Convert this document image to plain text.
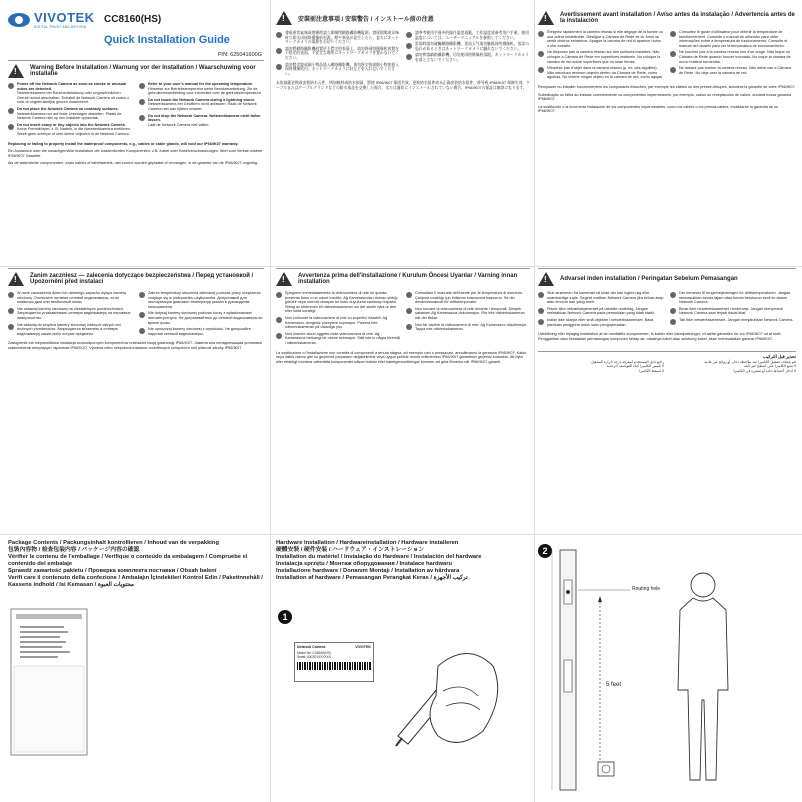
VIVOTEK
DIGITAL TRUST AND BEYOND
CC8160(HS)
Quick Installation Guide
P/N: 625041600G
!
Warning Before Installation / Warnung vor der Installation / Waarschuwing voor installatie
Power off the Network Camera as soon as smoke or unusual odors are detected.
Netzwerkkamera bei Rauchentwicklung oder ungewöhnlichen Geruch sofort abschalten. Schakel de Network Camera uit zodra u rook of ongebruikelijke geuren waarneemt.
Do not place the Network Camera on unsteady surfaces.
Netzwerkkamera nur auf feste Unterlagen abstellen. Plaats de Network Camera niet op een instabiel oppervlak.
Do not insert sharp or tiny objects into the Network Camera.
Keine Fremdkörper, z. B. Nadeln, in die Netzwerkkamera einführen. Steek geen scherpe of zeer kleine objecten in de Network Camera.
Refer to your user's manual for the operating temperature.
Hinweise zur Betriebstemperatur siehe Benutzeranleitung. Zie de gebruikershandleiding voor informatie over de gebruikstemperatuur.
Do not touch the Network Camera during a lightning storm.
Netzwerkkamera bei Gewittern nicht anfassen. Raak de Network Camera niet aan tijdens onweer.
Do not drop the Network Camera. Netzwerkkamera nicht fallen lassen.
Laat de Network Camera niet vallen.
Replacing or failing to properly install the waterproof components, e.g., cables or cable glands, will void our IP66/IK07 warranty.
Ein Austausch oder die unsachgemäße Installation der wasserdichten Komponenten, z.B. Kabel oder Kabelverschraubungen, führt zum Verlust unserer IP66/IK07 Garantie.
Als de waterdichte componenten, zoals kabels of kabelwartels, niet correct worden geplaatst of vervangen, is de garantie van de IP66/IK07 ongeldig.
!
安裝前注意事項 / 安装警告 / インストール前の注意
發現異常氣味或煙霧時請立即關閉網路攝影機電源。發现烟雾或异味时立即关闭网络摄像机电源。煙や異臭が発生したら、直ちにネットワークカメラの電源をお切りください。
請勿將網路攝影機放置於不穩定的表面上。请勿将网络摄像机放置在不稳定的表面。不安定な場所にネットワークカメラを置かないでください。
請勿將尖銳或細小物品插入網路攝影機。请勿将尖锐或细小物体插入网络摄像机内。ネットワークカメラに針などを入れないでください。
請參考使用手冊中的操作溫度規範。工作温度请参考用户手册。使用温度については、ユーザーマニュアルを参照してください。
雷雨時請勿碰觸網路攝影機。雷雨天气请勿触摸网络摄像机。落雷の恐れがあるときはネットワークカメラに触れないでください。
請勿摔落網路攝影機。切勿使网络摄像机落地。ネットワークカメラを落とさないでください。
未依規範更換或安裝防水元件，例如線材或防水接頭，將使 IP66/IK07 保固失效。更换防水组件或未正确安装防水组件，将导致 IP66/IK07 保修失效。ケーブルまたはケーブルグランドなどの防水部品を交換した場合、または適切にインストールされていない場合、IP66/IK07の保証は無効になります。
!
Avertissement avant installation / Aviso antes da instalação / Advertencia antes de la instalación
Éteignez rapidement la caméra réseau si elle dégage de la fumée ou une odeur inhabituelle. Desligue a Câmara de Rede se vir fumo ou sentir cheiros estranhos. Apague la cámara de red si aparece humo u olor extraño.
Ne disposez pas la caméra réseau sur des surfaces instables. Não coloque a Câmara de Rede em superfícies instáveis. No coloque la cámara de red sobre superficies que no sean firmes.
N'insérez pas d'objet dans la caméra réseau (p. ex. des aiguilles). Não introduza nenhum objecto dentro da Câmara de Rede, como agulhas. No inserte ningún objeto en la cámara de red, como agujas.
Consultez le guide d'utilisateur pour obtenir la température de fonctionnement. Consulte o manual do utilizador para obter informações sobre a temperatura de funcionamento. Consulte el manual del usuario para ver la temperatura de funcionamiento.
Ne touchez pas à la caméra réseau lors d'un orage. Não toque na Câmara de Rede quando houver trovoada. No toque la cámara de red si hubiera tormentas.
Ne laissez pas tomber la caméra réseau. Não deixe cair a Câmara de Rede. No deje caer la cámara de red.
Remplacer ou installer incorrectement les composants étanches, par exemple les câbles ou des presse-étoupes, annulera la garantie de votre IP66/IK07.
Substituição ou falha ao instalar correctamente os componentes impermeáveis, por exemplo, cabos ou receptáculos de cabos, anulará nossa garantia IP66/IK07.
La sustitución o la incorrecta instalación de los componentes impermeables, como los cables o los prensa-cables, invalidarán la garantía de su IP66/IK07.
!
Zanim zaczniesz — zalecenia dotyczące bezpieczeństwa / Перед установкой / Upozornění před instalací
W razie zauważenia dymu lub dziwnego zapachu wyłącz kamerę sieciową. Отключите питание сетевой видеокамеры, если появился дым или необычный запах.
Nie ustawiaj kamery sieciowej na niestabilnych powierzchniach. Запрещается устанавливать сетевую видеокамеру на неровных поверхностях.
Nie wkładaj do wnętrza kamery sieciowej żadnych ostrych ani drobnych przedmiotów. Запрещается вставлять в сетевую видеокамеру какие-либо острые предметы.
Zakres temperatury otoczenia zalecanej podczas pracy urządzenia znajduje się w podręczniku użytkownika. Допустимый для эксплуатации диапазон температур указан в руководстве пользователя.
Nie dotykaj kamery sieciowej podczas burzy z wyładowaniami atmosferycznymi. Не дотрагивайтесь до сетевой видеокамеры во время грозы.
Nie upuszczaj kamery sieciowej z wysokości. Не допускайте падения сетевой видеокамеры.
Zastąpienie lub nieprawidłowa instalacja wodoodpornych komponentów unieważni twoją gwarancję IP66/IK07. Замена или ненадлежащая установка компонентов аннулирует гарантию IP66/IK07. Výměna nebo nesprávná instalace vodotěsných komponent ruší platnost záruky IP66/IK07.
!
Avvertenza prima dell'installazione / Kurulum Öncesi Uyarılar / Varning innan installation
Spegnere immediatamente la videocamera di rete se questa presenta fumo o un odore insolito. Ağ Kamerasından duman çıktığı görülür veya normal olmayan bir koku duyulursa kamerayı kapatın. Stäng av strömmen till nätverkskameran om det skulle ryka ur den eller lukta konstigt.
Non collocare la videocamera di rete su superfici instabili. Ağ Kamerasını dengesiz yüzeylere koymayın. Placera inte nätverkskameran på ostadiga ytor.
Non inserire alcun oggetto nella videocamera di rete. Ağ Kamerasına herhangi bir nesne sokmayın. Sätt inte in några föremål i nätverkskameran.
Consultare il manuale dell'utente per la temperatura di esercizio. Çalışma sıcaklığı için kullanım kılavuzuna başvurun. Se din användarmanual för driftstemperatur.
Non toccare la videocamera di rete durante i temporali. Şimşek çakarken Ağ Kamerasına dokunmayın. Rör inte nätverkskameran när det åskar.
Non far cadere la videocamera di rete. Ağ Kamerasını düşürmeyin. Tappa inte nätverkskameran.
La sostituzione o l'installazione non corretta di componenti a tenuta stagna, ad esempio cavi o pressacavi, annulleranno la garanzia IP66/IK07. Kablo veya kablo rakoru gibi su geçirmez parçaların değiştirilmesi veya uygun şekilde monte edilmemesi IP66/IK07 garantinizi geçersiz kılacaktır. Att byta eller felaktigt montera vattentäta komponenter såsom kablar eller kabelgenomföringar kommer att göra förverka vår IP66/IK07-garanti.
!
Advarsel inden installation / Peringatan Sebelum Pemasangan
Sluk strømmen fra kameraet så snart der kan lugtes røg eller usædvanlige lugte. Segera matikan Network Camera jika keluar asap atau tercium bau yang aneh.
Placér ikke netværkskameraet på ustabile underlag. Jangan meletakkan Network Camera pada permukaan yang tidak stabil.
Indfør ikke skarpe eller små objekter i netværkskameraet. Baca panduan pengguna untuk suhu pengoperasian.
Der henvises til brugervejledningen for driftstemperaturen. Jangan memasukkan benda tajam atau benda berukuran kecil ke dalam Network Camera.
Berør ikke netværkskameraet i tordenvejr. Jangan menyentuh Network Camera saat terjadi badai kilat.
Tab ikke netværkskameraet. Jangan menjatuhkan Network Camera.
Udskiftning eller fejlagtig installation af de vandtætte komponenter, fx kabler eller kabelpakninger, vil sætte garantien for vor IP66/IK07 ud af kraft. Penggantian atau kesalahan pemasangan komponen kedap air, misalnya kabel atau selubung kabel, akan membatalkan garansi IP66/IK07.
تحذير قبل التركيب
قم بإيقاف تشغيل الكاميرا عند ملاحظة دخان أو روائح غير عادية
راجع دليل المستخدم لمعرفة درجة حرارة التشغيل
لا تضع الكاميرا على أسطح غير ثابتة
لا تلمس الكاميرا أثناء العواصف الرعدية
لا تُدخل أجسامًا حادة أو صغيرة في الكاميرا
لا تُسقط الكاميرا
Package Contents / Packungsinhalt kontrollieren / Inhoud van de verpakking
包裝內容物 / 检查包装内容 / パッケージ内容の確認
Vérifier le contenu de l'emballage / Verifique o conteúdo da embalagem / Compruebe el contenido del embalaje
Sprawdź zawartość pakietu / Проверка комплекта поставки / Obsah balení
Verifi care il contenuto della confezione / Ambalajın İçindekileri Kontrol Edin / Paketinnehåll / Kassens indhold / Isi Kemasan / محتويات العبوة
Hardware Installation / Hardwareinstallation / Hardware installeren
硬體安裝 / 硬件安装 / ハードウェア・インストレーション
Installation du matériel / Instalação do Hardware / Instalación del hardware
Instalacja sprzętu / Монтаж оборудования / Instalace hardwaru
Installazione hardware / Donanım Montajı / Installation av hårdvara
Installation af hardware / Pemasangan Perangkat Keras / تركيب الأجهزة
1
Network Camera	VIVOTEK
Model No: CC8160(HS)
Serial: 0002D1XXXXXX
2
Routing hole
5 feet
